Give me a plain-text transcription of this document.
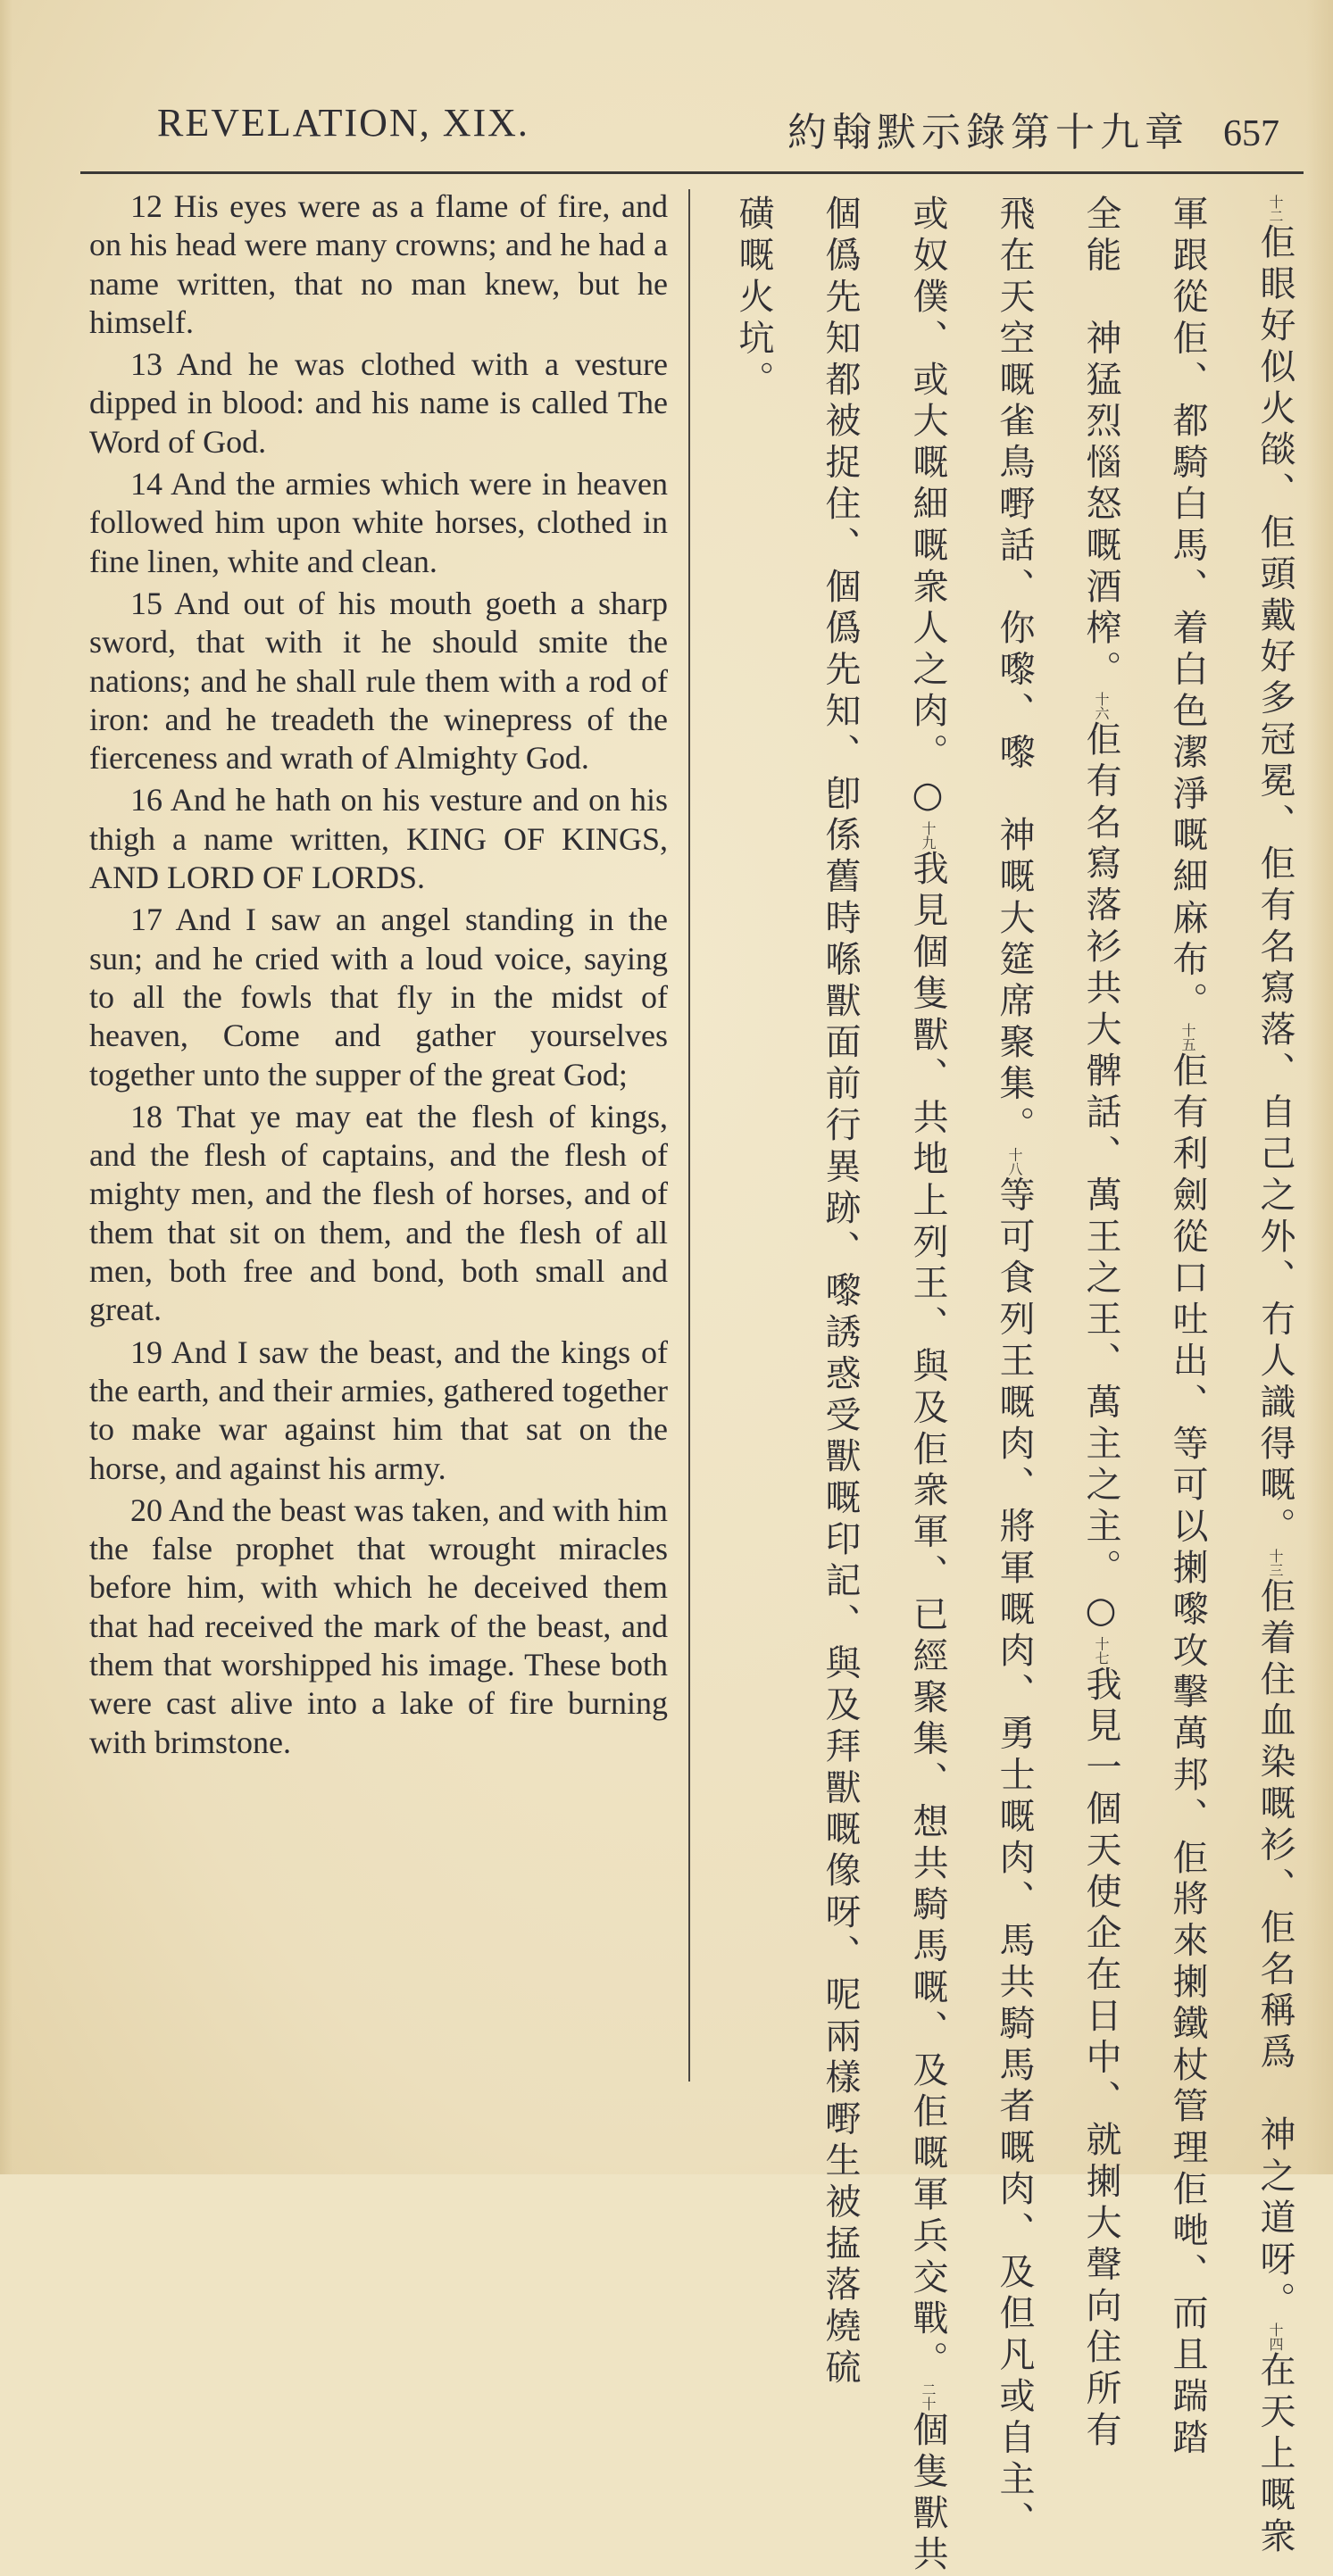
REVELATION, XIX.	約翰默示錄第十九章 657

12 His eyes were as a flame of fire, and on his head were many crowns; and he had a name written, that no man knew, but he himself.

13 And he was clothed with a vesture dipped in blood: and his name is called The Word of God.

14 And the armies which were in heaven followed him upon white horses, clothed in fine linen, white and clean.

15 And out of his mouth goeth a sharp sword, that with it he should smite the nations; and he shall rule them with a rod of iron: and he treadeth the winepress of the fierceness and wrath of Almighty God.

16 And he hath on his vesture and on his thigh a name written, KING OF KINGS, AND LORD OF LORDS.

17 And I saw an angel standing in the sun; and he cried with a loud voice, saying to all the fowls that fly in the midst of heaven, Come and gather yourselves together unto the supper of the great God;

18 That ye may eat the flesh of kings, and the flesh of captains, and the flesh of mighty men, and the flesh of horses, and of them that sit on them, and the flesh of all men, both free and bond, both small and great.

19 And I saw the beast, and the kings of the earth, and their armies, gathered together to make war against him that sat on the horse, and against his army.

20 And the beast was taken, and with him the false prophet that wrought miracles before him, with which he deceived them that had received the mark of the beast, and them that worshipped his image. These both were cast alive into a lake of fire burning with brimstone.

十二佢眼好似火燄、佢頭戴好多冠冕、佢有名寫落、自己之外、冇人識得嘅。十三佢着住血染嘅衫、佢名稱爲　神之道呀。十四在天上嘅衆
軍跟從佢、都騎白馬、着白色潔淨嘅細麻布。十五佢有利劍從口吐出、等可以揦嚟攻擊萬邦、佢將來揦鐵杖管理佢哋、而且踹踏
全能　神猛烈惱怒嘅酒榨。十六佢有名寫落衫共大髀話、萬王之王、萬主之主。○十七我見一個天使企在日中、就揦大聲向住所有
飛在天空嘅雀鳥嘢話、你嚟、嚟　神嘅大筵席聚集。十八等可食列王嘅肉、將軍嘅肉、勇士嘅肉、馬共騎馬者嘅肉、及但凡或自主、
或奴僕、或大嘅細嘅衆人之肉。○十九我見個隻獸、共地上列王、與及佢衆軍、已經聚集、想共騎馬嘅、及佢嘅軍兵交戰。二十個隻獸共
個僞先知都被捉住、個僞先知、卽係舊時喺獸面前行異跡、嚟誘惑受獸嘅印記、與及拜獸嘅像呀、呢兩樣嘢生被掹落燒硫
磺嘅火坑。
